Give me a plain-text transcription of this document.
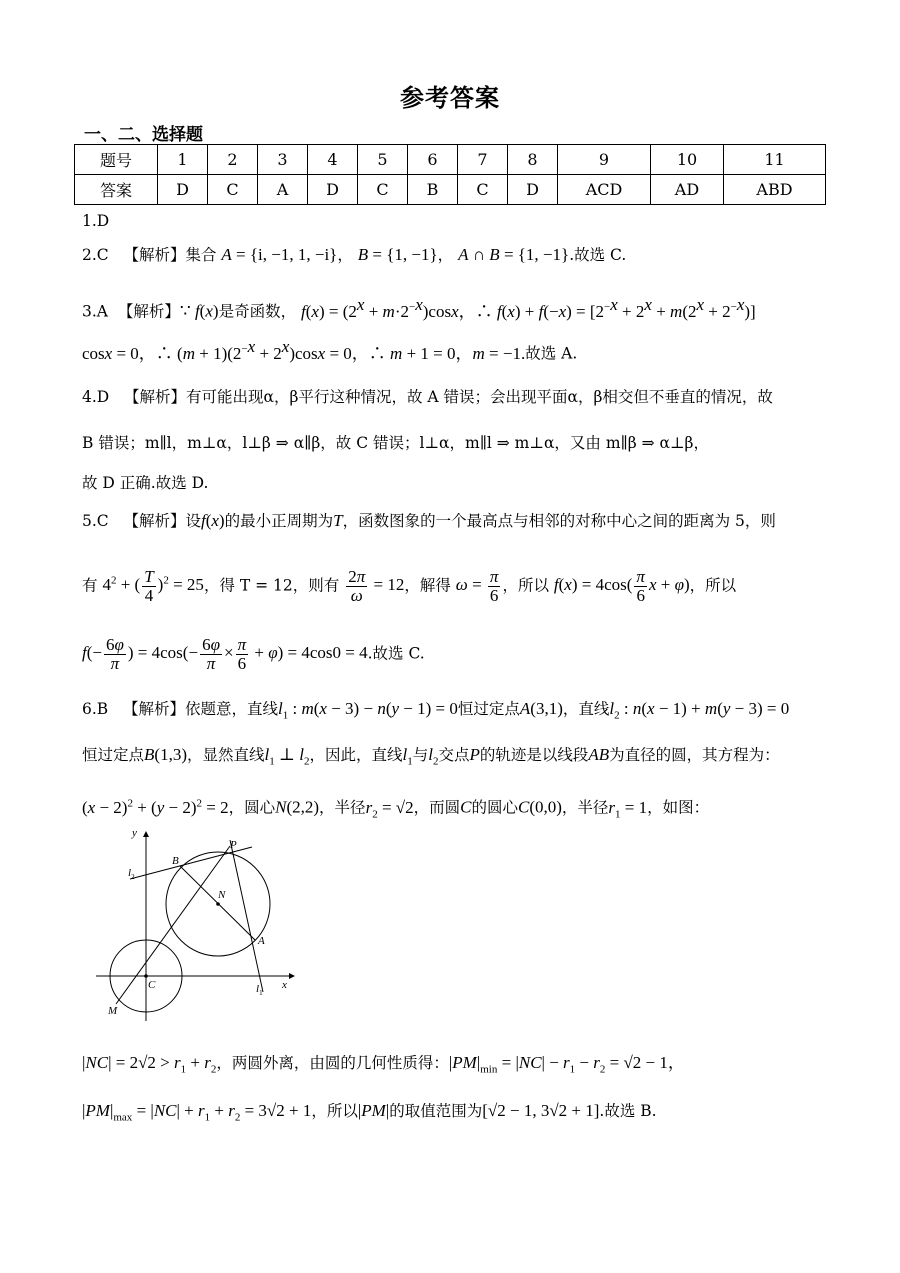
参考答案
一、二、选择题
题号	1	2	3	4	5	6	7	8	9	10	11
答案	D	C	A	D	C	B	C	D	ACD	AD	ABD
1.D
2.C 【解析】集合 A = {i, −1, 1, −i}， B = {1, −1}， A ∩ B = {1, −1}.故选 C.
3.A 【解析】∵ f(x)是奇函数， $f(x) = (2^x + m\cdot 2^{-x})\cos x$，∴ $f(x) + f(-x) = [2^{-x} + 2^x + m(2^x + 2^{-x})]$
cosx = 0，∴ $(m + 1)(2^{-x} + 2^x)\cos x = 0$，∴ m + 1 = 0，m = −1.故选 A.
4.D 【解析】有可能出现α，β平行这种情况，故 A 错误；会出现平面α，β相交但不垂直的情况，故
B 错误；m∥l，m⊥α，l⊥β ⇒ α∥β，故 C 错误；l⊥α，m∥l ⇒ m⊥α，又由 m∥β ⇒ α⊥β，
故 D 正确.故选 D.
5.C 【解析】设f(x)的最小正周期为T，函数图象的一个最高点与相邻的对称中心之间的距离为 5，则
有 $4^2$ + ( $\frac{T}{4} )^2 = 25$，得 T = 12，则有 $\frac{2\pi}{\omega} = 12$，解得 $\omega = \frac{\pi}{6}$ ，所以 $f(x) = 4\cos( \frac{\pi}{6}$ x + φ)，所以
$f(- \frac{6\varphi}{\pi}$ ) = $4\cos(- \frac{6\varphi}{\pi} \times \frac{\pi}{6} + \varphi) = 4\cos 0 = 4$.故选 C.
6.B 【解析】依题意，直线$l_1$ : m(x − 3) − n(y − 1) = 0恒过定点A(3,1)，直线$l_2$ : n(x − 1) + m(y − 3) = 0
恒过定点B(1,3)，显然直线$l_1$ ⊥ $l_2$，因此，直线$l_1$与$l_2$交点P的轨迹是以线段AB为直径的圆，其方程为：
$(x - 2)^2 + (y - 2)^2 = 2$，圆心N(2,2)，半径$r_2 = √2$，而圆C的圆心C(0,0)，半径$r_1 = 1$，如图：
y
x
B
P
N
A
C
M
$l_1$
$l_2$
$|NC| = 2√2 > r_1 + r_2$，两圆外离，由圆的几何性质得：$|PM|_{min} = |NC| - r_1 - r_2 = √2 - 1$，
$|PM|_{max} = |NC| + r_1 + r_2 = 3√2 + 1$，所以|PM|的取值范围为[√2 − 1, 3√2 + 1].故选 B.
